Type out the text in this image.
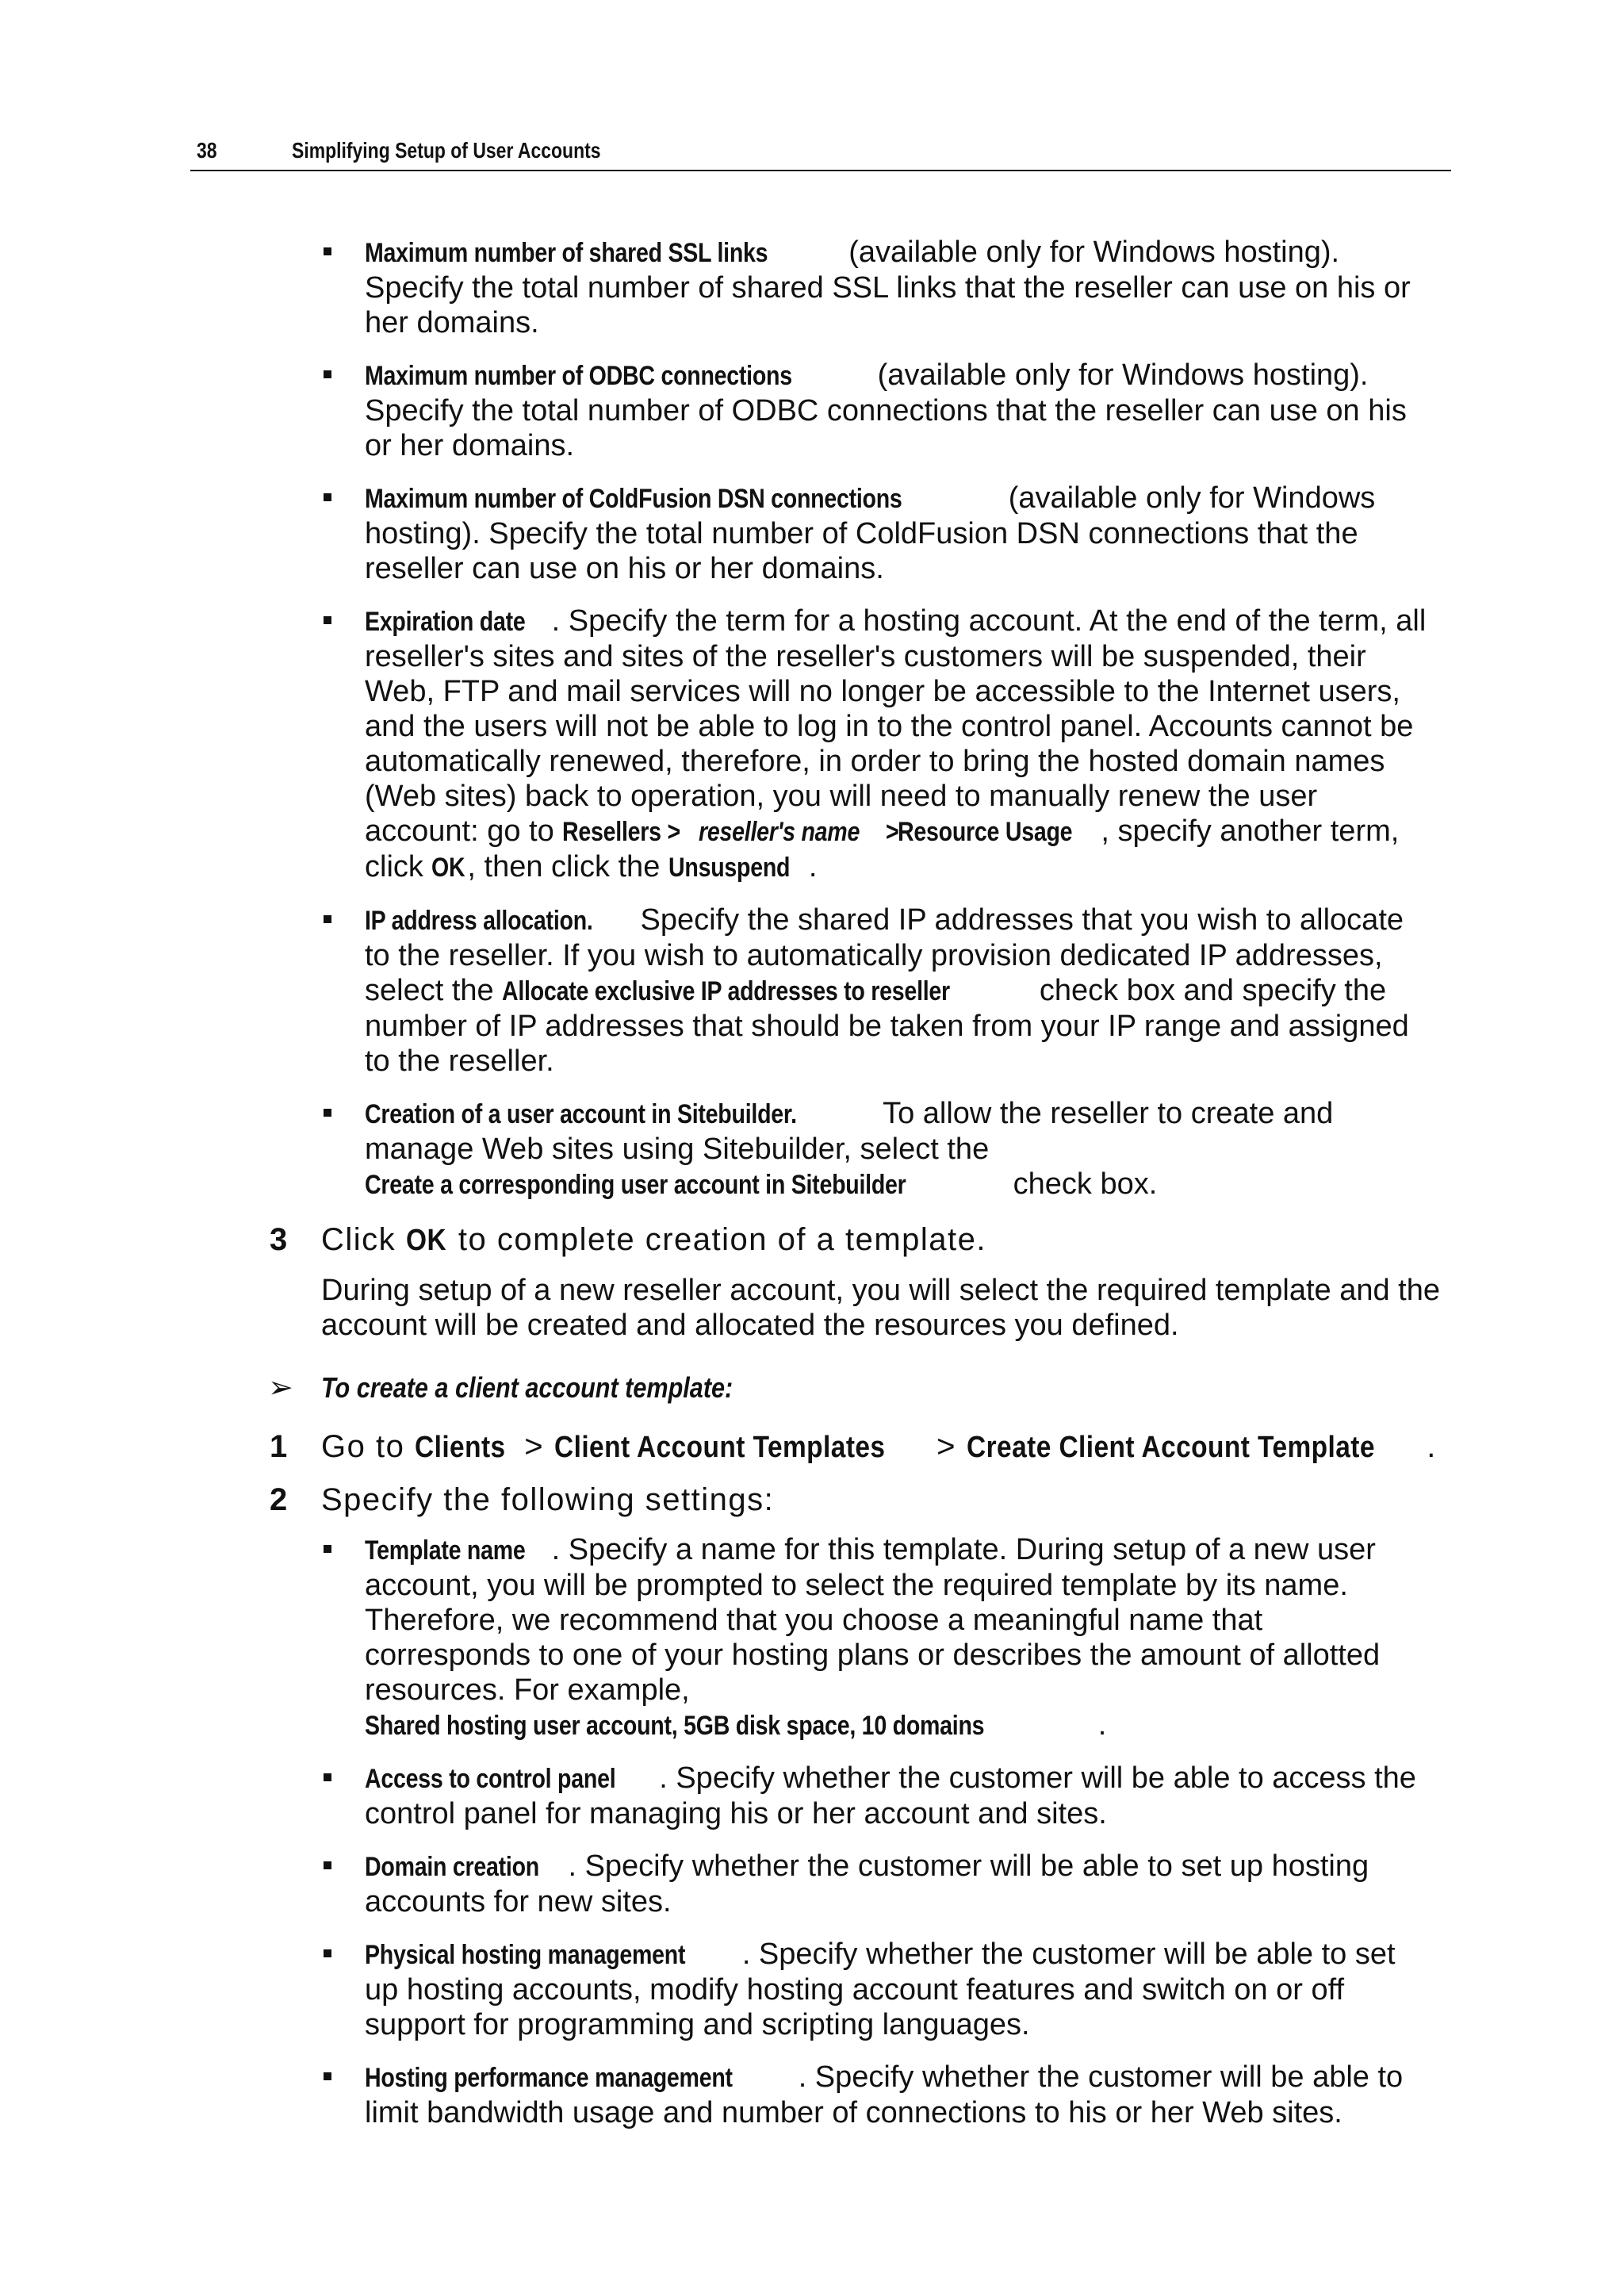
38	Simplifying Setup of User Accounts
Maximum number of shared SSL links (available only for Windows hosting). Specify the total number of shared SSL links that the reseller can use on his or her domains.
Maximum number of ODBC connections	(available only for Windows hosting). Specify the total number of ODBC connections that the reseller can use on his or her domains.
Maximum number of ColdFusion DSN connections	(available only for Windows hosting). Specify the total number of ColdFusion DSN connections that the reseller can use on his or her domains.
Expiration date . Specify the term for a hosting account. At the end of the term, all reseller's sites and sites of the reseller's customers will be suspended, their Web, FTP and mail services will no longer be accessible to the Internet users, and the users will not be able to log in to the control panel. Accounts cannot be automatically renewed, therefore, in order to bring the hosted domain names (Web sites) back to operation, you will need to manually renew the user account: go to Resellers >reseller's name>Resource Usage , specify another term, click OK, then click the Unsuspend .
IP address allocation. Specify the shared IP addresses that you wish to allocate to the reseller. If you wish to automatically provision dedicated IP addresses, select the Allocate exclusive IP addresses to reseller	check box and specify the number of IP addresses that should be taken from your IP range and assigned to the reseller.
Creation of a user account in Sitebuilder.	To allow the reseller to create and manage Web sites using Sitebuilder, select the Create a corresponding user account in Sitebuilder	check box.
3 Click OK to complete creation of a template.

During setup of a new reseller account, you will select the required template and the account will be created and allocated the resources you defined.

➢ To create a client account template:
1 Go to Clients > Client Account Templates > Create Client Account Template .
2 Specify the following settings:
Template name . Specify a name for this template. During setup of a new user account, you will be prompted to select the required template by its name. Therefore, we recommend that you choose a meaningful name that corresponds to one of your hosting plans or describes the amount of allotted resources. For example, Shared hosting user account, 5GB disk space, 10 domains	.
Access to control panel . Specify whether the customer will be able to access the control panel for managing his or her account and sites.
Domain creation . Specify whether the customer will be able to set up hosting accounts for new sites.
Physical hosting management . Specify whether the customer will be able to set up hosting accounts, modify hosting account features and switch on or off support for programming and scripting languages.
Hosting performance management . Specify whether the customer will be able to limit bandwidth usage and number of connections to his or her Web sites.
